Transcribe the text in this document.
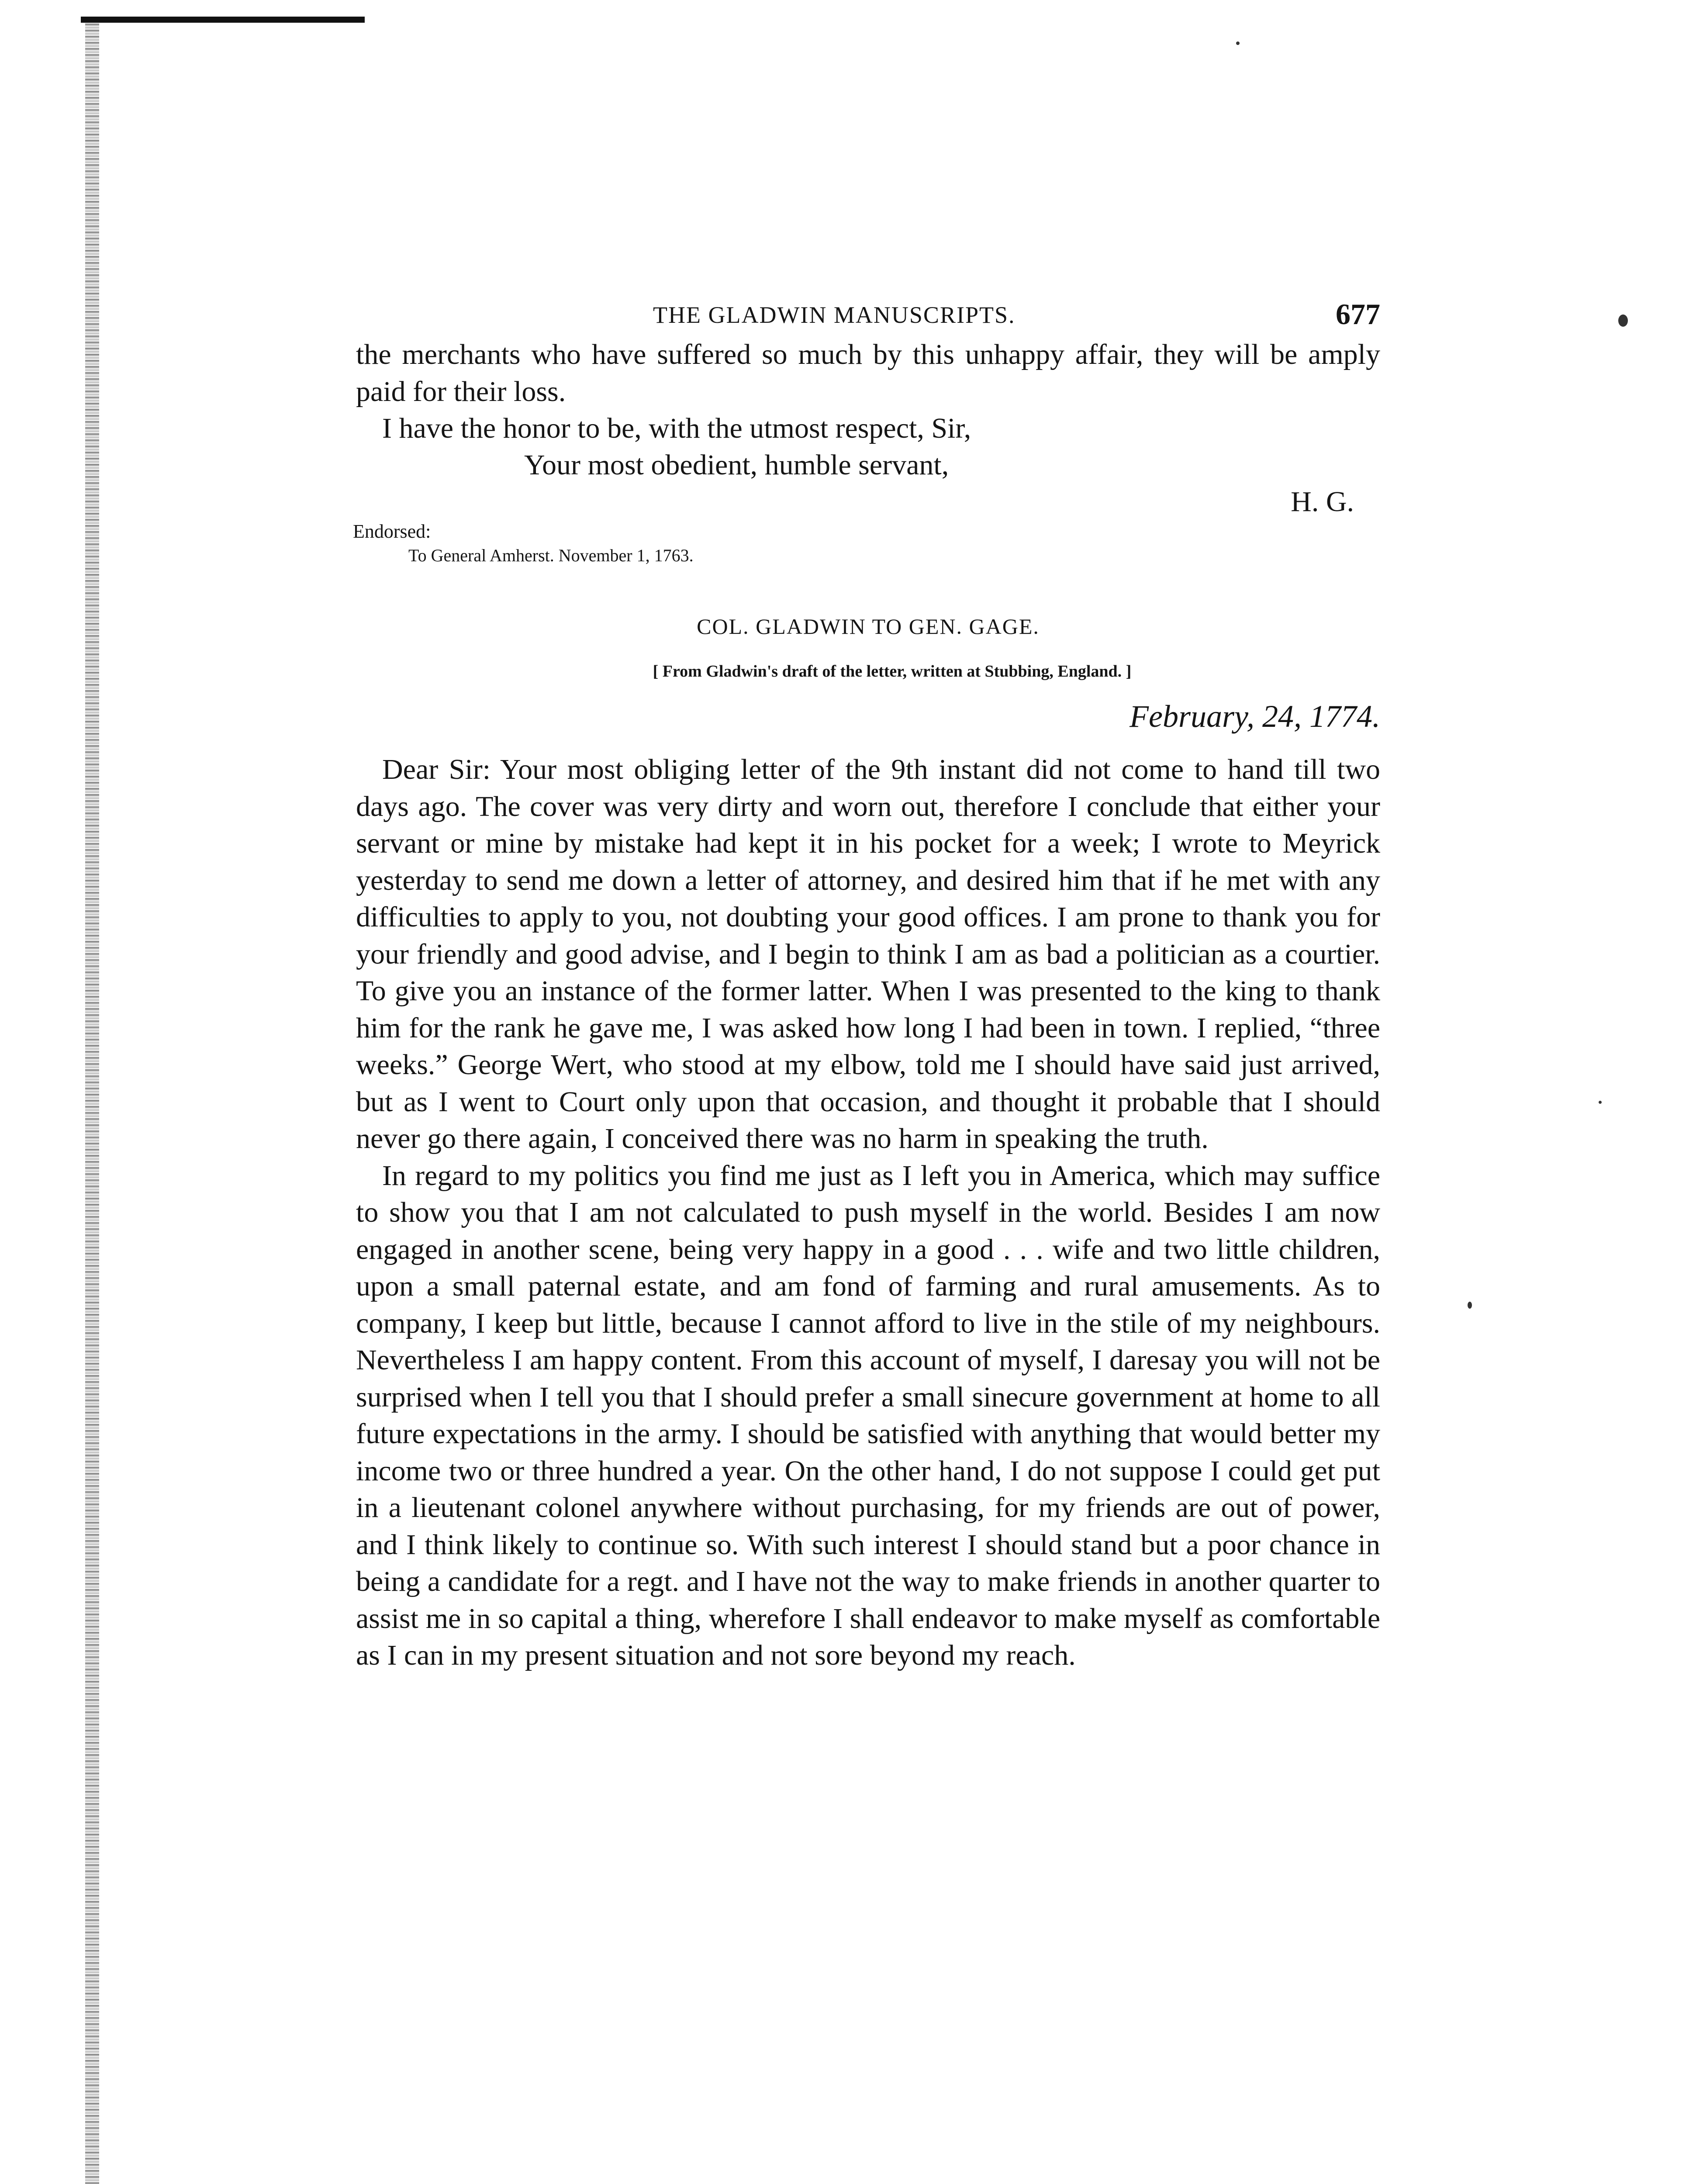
THE GLADWIN MANUSCRIPTS.	677

the merchants who have suffered so much by this unhappy affair, they will be amply paid for their loss.

I have the honor to be, with the utmost respect, Sir,
Your most obedient, humble servant,
H. G.
Endorsed:
To General Amherst. November 1, 1763.
COL. GLADWIN TO GEN. GAGE.
[ From Gladwin's draft of the letter, written at Stubbing, England. ]
February, 24, 1774.

Dear Sir: Your most obliging letter of the 9th instant did not come to hand till two days ago. The cover was very dirty and worn out, therefore I conclude that either your servant or mine by mistake had kept it in his pocket for a week; I wrote to Meyrick yesterday to send me down a letter of attorney, and desired him that if he met with any difficulties to apply to you, not doubting your good offices. I am prone to thank you for your friendly and good advise, and I begin to think I am as bad a politician as a courtier. To give you an instance of the former latter. When I was presented to the king to thank him for the rank he gave me, I was asked how long I had been in town. I replied, “three weeks.” George Wert, who stood at my elbow, told me I should have said just arrived, but as I went to Court only upon that occasion, and thought it probable that I should never go there again, I conceived there was no harm in speaking the truth.

In regard to my politics you find me just as I left you in America, which may suffice to show you that I am not calculated to push myself in the world. Besides I am now engaged in another scene, being very happy in a good . . . wife and two little children, upon a small paternal estate, and am fond of farming and rural amusements. As to company, I keep but little, because I cannot afford to live in the stile of my neighbours. Nevertheless I am happy content. From this account of myself, I daresay you will not be surprised when I tell you that I should prefer a small sinecure government at home to all future expectations in the army. I should be satisfied with anything that would better my income two or three hundred a year. On the other hand, I do not suppose I could get put in a lieutenant colonel anywhere without purchasing, for my friends are out of power, and I think likely to continue so. With such interest I should stand but a poor chance in being a candidate for a regt. and I have not the way to make friends in another quarter to assist me in so capital a thing, wherefore I shall endeavor to make myself as comfortable as I can in my present situation and not sore beyond my reach.
